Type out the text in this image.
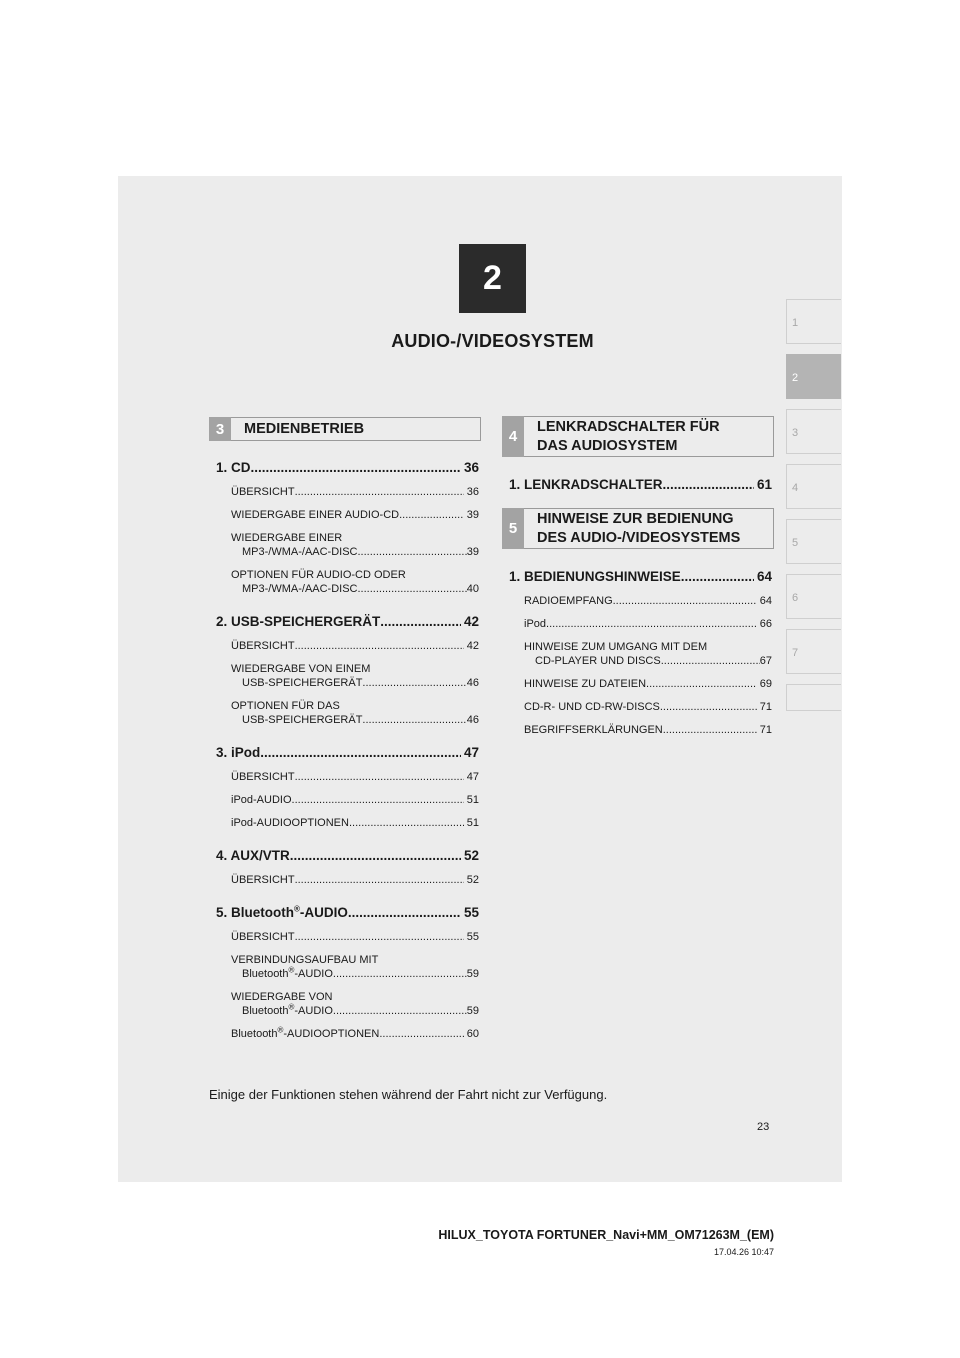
2
AUDIO-/VIDEOSYSTEM
1
2
3
4
5
6
7
3	MEDIENBETRIEB	4
LENKRADSCHALTER FÜR
DAS AUDIOSYSTEM
5
HINWEISE ZUR BEDIENUNG
DES AUDIO-/VIDEOSYSTEMS
1. CD .....	36
ÜBERSICHT .....	36
WIEDERGABE EINER AUDIO-CD .....	39
WIEDERGABE EINER
MP3-/WMA-/AAC-DISC .....	39
OPTIONEN FÜR AUDIO-CD ODER
MP3-/WMA-/AAC-DISC .....	40
2. USB-SPEICHERGERÄT .....	42
ÜBERSICHT .....	42
WIEDERGABE VON EINEM
USB-SPEICHERGERÄT .....	46
OPTIONEN FÜR DAS
USB-SPEICHERGERÄT .....	46
3. iPod .....	47
ÜBERSICHT .....	47
iPod-AUDIO .....	51
iPod-AUDIOOPTIONEN .....	51
4. AUX/VTR .....	52
ÜBERSICHT .....	52
5. Bluetooth®-AUDIO .....	55
ÜBERSICHT .....	55
VERBINDUNGSAUFBAU MIT
Bluetooth®-AUDIO .....	59
WIEDERGABE VON
Bluetooth®-AUDIO .....	59
Bluetooth®-AUDIOOPTIONEN .....	60
1. LENKRADSCHALTER .....	61
1. BEDIENUNGSHINWEISE .....	64
RADIOEMPFANG .....	64
iPod .....	66
HINWEISE ZUM UMGANG MIT DEM
CD-PLAYER UND DISCS .....	67
HINWEISE ZU DATEIEN .....	69
CD-R- UND CD-RW-DISCS .....	71
BEGRIFFSERKLÄRUNGEN .....	71
Einige der Funktionen stehen während der Fahrt nicht zur Verfügung.
23
HILUX_TOYOTA FORTUNER_Navi+MM_OM71263M_(EM)
17.04.26 10:47
